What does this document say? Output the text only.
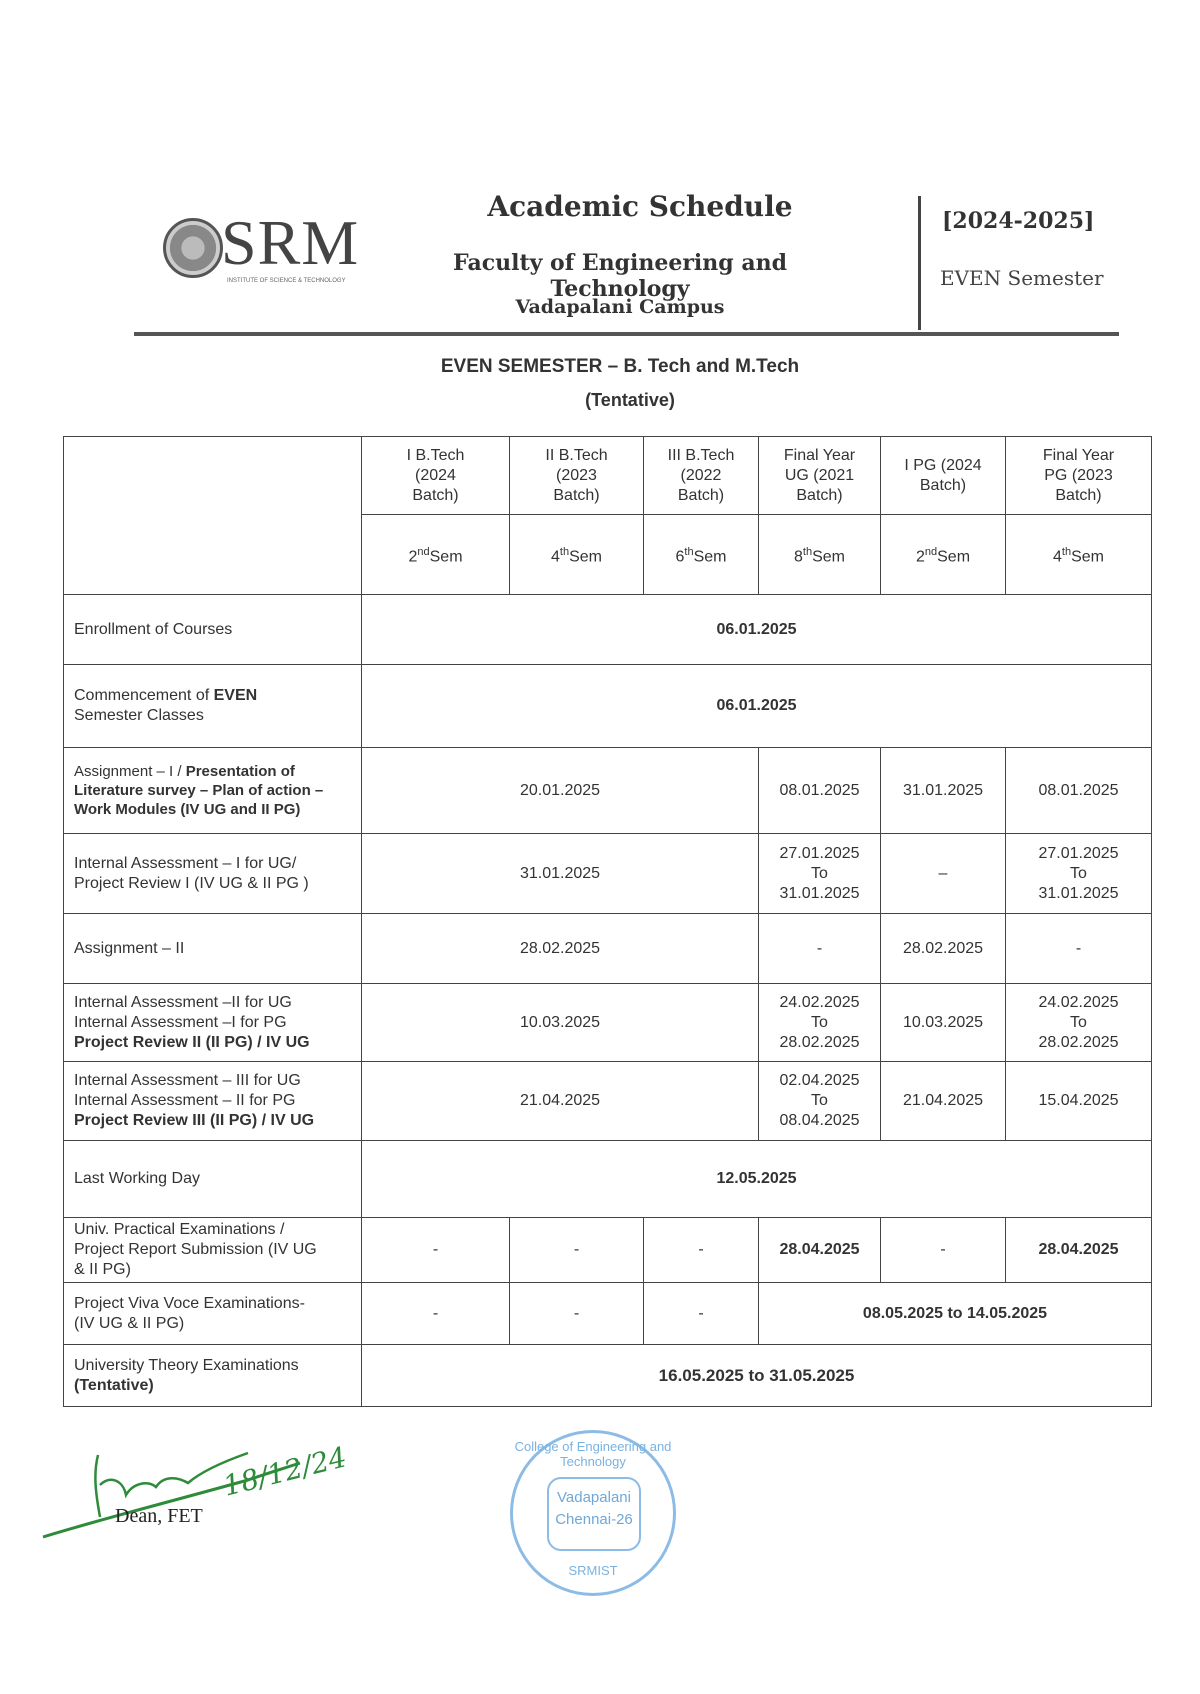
SRM
INSTITUTE OF SCIENCE & TECHNOLOGY
Academic Schedule
Faculty of Engineering and Technology
Vadapalani Campus
[2024-2025]
EVEN Semester
EVEN SEMESTER – B. Tech and M.Tech
(Tentative)
	I B.Tech
(2024
Batch)	II B.Tech
(2023
Batch)	III B.Tech
(2022
Batch)	Final Year
UG (2021
Batch)	I PG (2024
Batch)	Final Year
PG (2023
Batch)
	2ndSem	4thSem	6thSem	8thSem	2ndSem	4thSem
Enrollment of Courses	06.01.2025					
Commencement of EVEN
Semester Classes	06.01.2025					
Assignment – I / Presentation of
Literature survey – Plan of action –
Work Modules (IV UG and II PG)	20.01.2025			08.01.2025	31.01.2025	08.01.2025
Internal Assessment – I for UG/
Project Review I (IV UG & II PG )	31.01.2025			27.01.2025
To
31.01.2025	–	27.01.2025
To
31.01.2025
Assignment – II	28.02.2025			-	28.02.2025	-
Internal Assessment –II for UG
Internal Assessment –I for PG
Project Review II (II PG) / IV UG	10.03.2025			24.02.2025
To
28.02.2025	10.03.2025	24.02.2025
To
28.02.2025
Internal Assessment – III for UG
Internal Assessment – II for PG
Project Review III (II PG) / IV UG	21.04.2025			02.04.2025
To
08.04.2025	21.04.2025	15.04.2025
Last Working Day	12.05.2025					
Univ. Practical Examinations /
Project Report Submission (IV UG
& II PG)	-	-	-	28.04.2025	-	28.04.2025
Project Viva Voce Examinations-
(IV UG & II PG)	-	-	-	08.05.2025 to 14.05.2025		
University Theory Examinations
(Tentative)	16.05.2025 to 31.05.2025					
18/12/24
Dean, FET
College of Engineering and Technology
Vadapalani
Chennai-26
SRMIST
